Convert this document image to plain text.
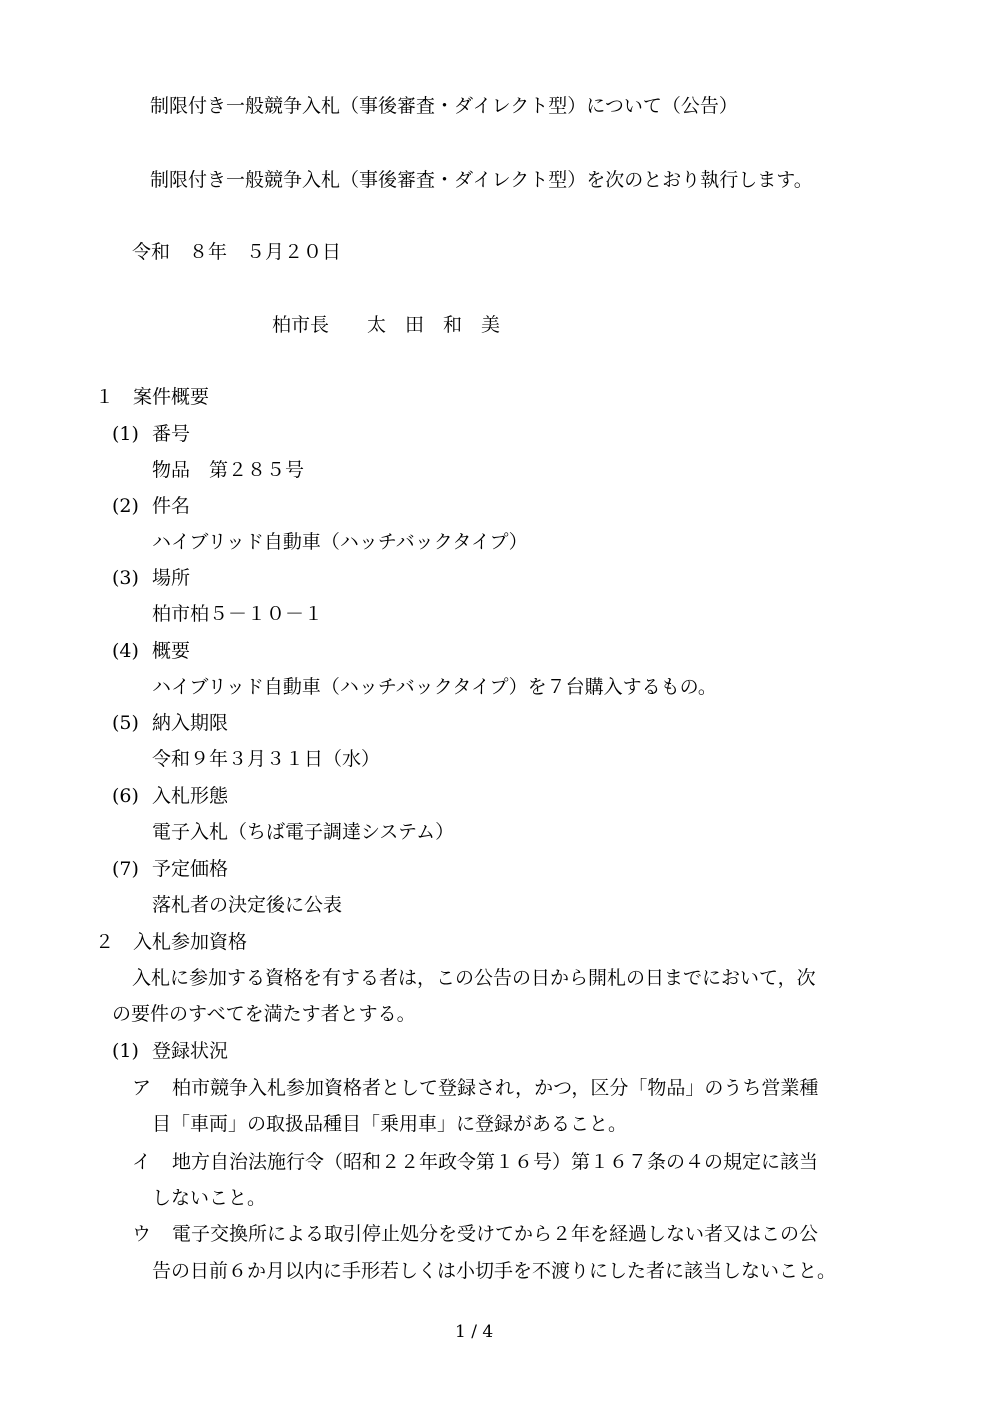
制限付き一般競争入札（事後審査・ダイレクト型）について（公告）
制限付き一般競争入札（事後審査・ダイレクト型）を次のとおり執行します。
令和　８年　５月２０日
柏市長　　太　田　和　美
１　案件概要
(1) 番号
物品　第２８５号
(2) 件名
ハイブリッド自動車（ハッチバックタイプ）
(3) 場所
柏市柏５－１０－１
(4) 概要
ハイブリッド自動車（ハッチバックタイプ）を７台購入するもの。
(5) 納入期限
令和９年３月３１日（水）
(6) 入札形態
電子入札（ちば電子調達システム）
(7) 予定価格
落札者の決定後に公表
２　入札参加資格
入札に参加する資格を有する者は，この公告の日から開札の日までにおいて，次
の要件のすべてを満たす者とする。
(1) 登録状況
ア 柏市競争入札参加資格者として登録され，かつ，区分「物品」のうち営業種
目「車両」の取扱品種目「乗用車」に登録があること。
イ 地方自治法施行令（昭和２２年政令第１６号）第１６７条の４の規定に該当
しないこと。
ウ 電子交換所による取引停止処分を受けてから２年を経過しない者又はこの公
告の日前６か月以内に手形若しくは小切手を不渡りにした者に該当しないこと。
1 / 4
